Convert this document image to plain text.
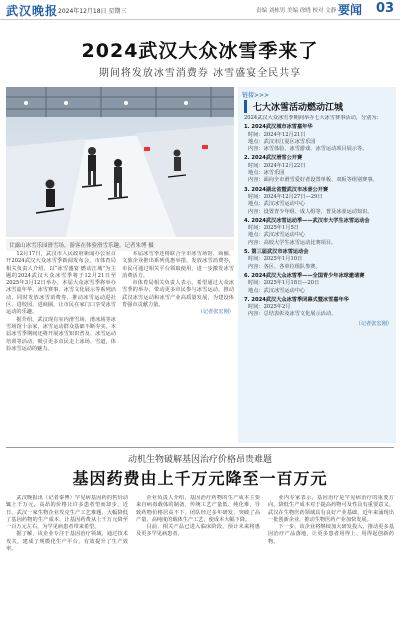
武汉晚报 2024年12月18日 星期三	责编 刘栋男 美编 徐晓 校对 文静 要闻 03
2024武汉大众冰雪季来了
期间将发放冰雪消费券 冰雪盛宴全民共享
甘露山冰雪乐园滑雪场，游客在体验滑雪乐趣。记者朱博 摄
链接>>>
七大冰雪活动燃动江城
2024武汉大众冰雪季期间举办七大冰雪赛事活动，分别为：
1. 2024武汉城市冰雪嘉年华
时间：2024年12月21日
地点：武汉市江夏区冰雪乐园
内容：冰雪体验、冰雪游戏、冰雪运动项目展示等。
2. 2024武汉滑雪公开赛
时间：2024年12月22日
地点：冰雪乐园
内容：面向全市滑雪爱好者设置单板、双板等组别赛事。
3. 2024湖北省暨武汉市冰壶公开赛
时间：2024年12月27日—29日
地点：武汉冰雪运动中心
内容：设置青少年组、成人组等，普及冰壶运动知识。
4. 2024武汉冰雪运动季——武汉市大学生冰雪运动会
时间：2025年1月5日
地点：武汉冰雪运动中心
内容：高校大学生冰雪运动比赛项目。
5. 第三届武汉市冰雪运动会
时间：2025年1月10日
内容：各区、各单位组队参赛。
6. 2024武汉大众冰雪季——全国青少年冰球邀请赛
时间：2025年1月18日—20日
地点：武汉冰雪运动中心
7. 2024武汉大众冰雪季闭幕式暨冰雪嘉年华
时间：2025年2月
内容：总结表彰及冰雪文化展示活动。
（记者张宏刚）

12月17日，武汉市人民政府新闻办公室召开2024武汉大众冰雪季新闻发布会，市体育局相关负责人介绍，以“冰雪盛宴 燃动江城”为主题的2024武汉大众冰雪季将于12月21日至2025年3月12日举办。本届大众冰雪季将举办冰雪嘉年华、冰雪赛事、冰雪文化展示等系列活动，同时发放冰雪消费券，推动冰雪运动进社区、进校园、进商圈，让市民在家门口享受冰雪运动的乐趣。

据介绍，武汉现有室内滑雪场、滑冰场等冰雪场馆十余家，冰雪运动群众基础不断夯实。本届冰雪季期间还将开展冰雪知识普及、冰雪运动培训等活动，吸引更多市民走上冰场、雪道，体验冰雪运动的魅力。

本届冰雪季还将联合全市冰雪场馆、商圈、文旅企业推出系列优惠举措，发放冰雪消费券，市民可通过相关平台领取使用，进一步激发冰雪消费活力。

市体育局相关负责人表示，希望通过大众冰雪季的举办，带动更多市民参与冰雪运动，推动武汉冰雪运动和冰雪产业高质量发展，为建设体育强市贡献力量。

（记者张宏刚）

动机生物破解基因治疗价格昂贵难题
基因药费由上千万元降至一百万元

武汉晚报讯（记者秦博）罕见病基因药的售价动辄上千万元，高昂的价格让许多患者望而却步。近日，武汉一家生物企业攻克生产工艺难题，大幅降低了基因药物的生产成本，让基因药费从上千万元降至一百万元左右，为罕见病患者带来希望。

据了解，该企业专注于基因治疗领域，通过技术攻关，建成了规模化生产平台，有效提升了生产效率。

企业负责人介绍，基因治疗药物的生产成本主要来自病毒载体的制备，传统工艺产量低、纯化难，导致药物价格居高不下。团队经过多年研发，突破了高产量、高纯度的载体生产工艺，使成本大幅下降。

目前，相关产品已进入临床阶段，预计未来将惠及更多罕见病患者。

业内专家表示，基因治疗是罕见病治疗的重要方向，降低生产成本对于提高药物可及性具有重要意义。武汉在生物医药领域具有良好产业基础，近年来涌现出一批创新企业，推动生物医药产业加快发展。

下一步，该企业将继续加大研发投入，推动更多基因治疗产品落地，让更多患者用得上、用得起创新药物。
